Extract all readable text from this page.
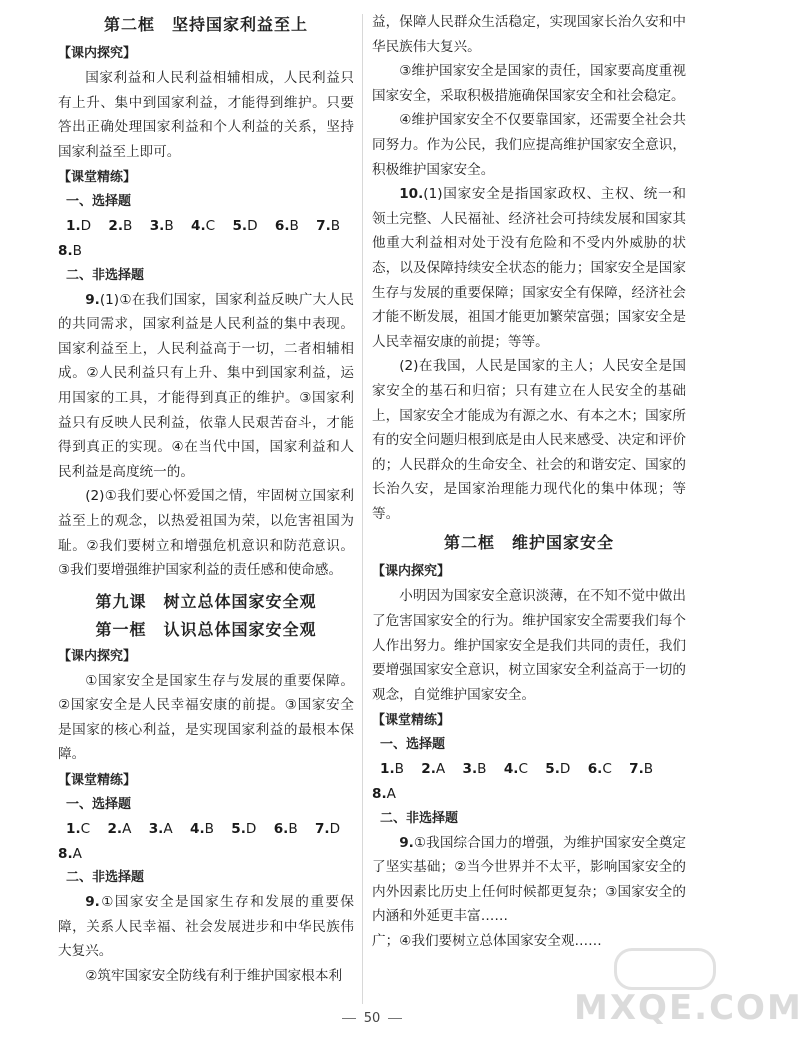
第二框　坚持国家利益至上
【课内探究】

国家利益和人民利益相辅相成，人民利益只有上升、集中到国家利益，才能得到维护。只要答出正确处理国家利益和个人利益的关系，坚持国家利益至上即可。

【课堂精练】
一、选择题
1.D 2.B 3.B 4.C 5.D 6.B 7.B
8.B
二、非选择题

9.(1)①在我们国家，国家利益反映广大人民的共同需求，国家利益是人民利益的集中表现。国家利益至上，人民利益高于一切，二者相辅相成。②人民利益只有上升、集中到国家利益，运用国家的工具，才能得到真正的维护。③国家利益只有反映人民利益，依靠人民艰苦奋斗，才能得到真正的实现。④在当代中国，国家利益和人民利益是高度统一的。

(2)①我们要心怀爱国之情，牢固树立国家利益至上的观念，以热爱祖国为荣，以危害祖国为耻。②我们要树立和增强危机意识和防范意识。③我们要增强维护国家利益的责任感和使命感。

第九课　树立总体国家安全观
第一框　认识总体国家安全观
【课内探究】

①国家安全是国家生存与发展的重要保障。②国家安全是人民幸福安康的前提。③国家安全是国家的核心利益，是实现国家利益的最根本保障。

【课堂精练】
一、选择题
1.C 2.A 3.A 4.B 5.D 6.B 7.D
8.A
二、非选择题

9.①国家安全是国家生存和发展的重要保障，关系人民幸福、社会发展进步和中华民族伟大复兴。

②筑牢国家安全防线有利于维护国家根本利

益，保障人民群众生活稳定，实现国家长治久安和中华民族伟大复兴。

③维护国家安全是国家的责任，国家要高度重视国家安全，采取积极措施确保国家安全和社会稳定。

④维护国家安全不仅要靠国家，还需要全社会共同努力。作为公民，我们应提高维护国家安全意识，积极维护国家安全。

10.(1)国家安全是指国家政权、主权、统一和领土完整、人民福祉、经济社会可持续发展和国家其他重大利益相对处于没有危险和不受内外威胁的状态，以及保障持续安全状态的能力；国家安全是国家生存与发展的重要保障；国家安全有保障，经济社会才能不断发展，祖国才能更加繁荣富强；国家安全是人民幸福安康的前提；等等。

(2)在我国，人民是国家的主人；人民安全是国家安全的基石和归宿；只有建立在人民安全的基础上，国家安全才能成为有源之水、有本之木；国家所有的安全问题归根到底是由人民来感受、决定和评价的；人民群众的生命安全、社会的和谐安定、国家的长治久安，是国家治理能力现代化的集中体现；等等。

第二框　维护国家安全
【课内探究】

小明因为国家安全意识淡薄，在不知不觉中做出了危害国家安全的行为。维护国家安全需要我们每个人作出努力。维护国家安全是我们共同的责任，我们要增强国家安全意识，树立国家安全利益高于一切的观念，自觉维护国家安全。

【课堂精练】
一、选择题
1.B 2.A 3.B 4.C 5.D 6.C 7.B
8.A
二、非选择题

9.①我国综合国力的增强，为维护国家安全奠定了坚实基础；②当今世界并不太平，影响国家安全的内外因素比历史上任何时候都更复杂；③国家安全的内涵和外延更丰富……

广；④我们要树立总体国家安全观……

MXQE.COM
50
